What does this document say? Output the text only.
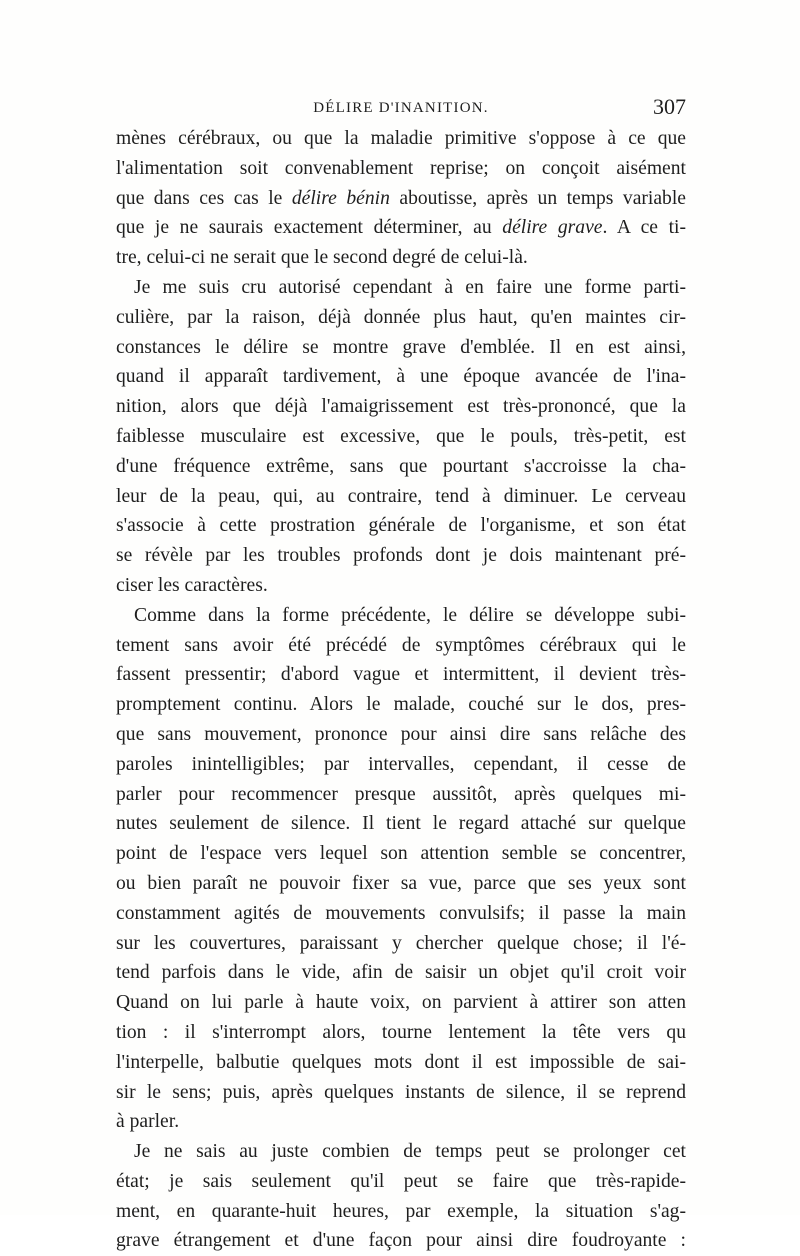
DÉLIRE D'INANITION.	307
mènes cérébraux, ou que la maladie primitive s'oppose à ce que
l'alimentation soit convenablement reprise; on conçoit aisément
que dans ces cas le délire bénin aboutisse, après un temps variable
que je ne saurais exactement déterminer, au délire grave. A ce ti-
tre, celui-ci ne serait que le second degré de celui-là.
Je me suis cru autorisé cependant à en faire une forme parti-
culière, par la raison, déjà donnée plus haut, qu'en maintes cir-
constances le délire se montre grave d'emblée. Il en est ainsi,
quand il apparaît tardivement, à une époque avancée de l'ina-
nition, alors que déjà l'amaigrissement est très-prononcé, que la
faiblesse musculaire est excessive, que le pouls, très-petit, est
d'une fréquence extrême, sans que pourtant s'accroisse la cha-
leur de la peau, qui, au contraire, tend à diminuer. Le cerveau
s'associe à cette prostration générale de l'organisme, et son état
se révèle par les troubles profonds dont je dois maintenant pré-
ciser les caractères.
Comme dans la forme précédente, le délire se développe subi-
tement sans avoir été précédé de symptômes cérébraux qui le
fassent pressentir; d'abord vague et intermittent, il devient très-
promptement continu. Alors le malade, couché sur le dos, pres-
que sans mouvement, prononce pour ainsi dire sans relâche des
paroles inintelligibles; par intervalles, cependant, il cesse de
parler pour recommencer presque aussitôt, après quelques mi-
nutes seulement de silence. Il tient le regard attaché sur quelque
point de l'espace vers lequel son attention semble se concentrer,
ou bien paraît ne pouvoir fixer sa vue, parce que ses yeux sont
constamment agités de mouvements convulsifs; il passe la main
sur les couvertures, paraissant y chercher quelque chose; il l'é-
tend parfois dans le vide, afin de saisir un objet qu'il croit voir
Quand on lui parle à haute voix, on parvient à attirer son atten
tion : il s'interrompt alors, tourne lentement la tête vers qu
l'interpelle, balbutie quelques mots dont il est impossible de sai-
sir le sens; puis, après quelques instants de silence, il se reprend
à parler.
Je ne sais au juste combien de temps peut se prolonger cet
état; je sais seulement qu'il peut se faire que très-rapide-
ment, en quarante-huit heures, par exemple, la situation s'ag-
grave étrangement et d'une façon pour ainsi dire foudroyante :
